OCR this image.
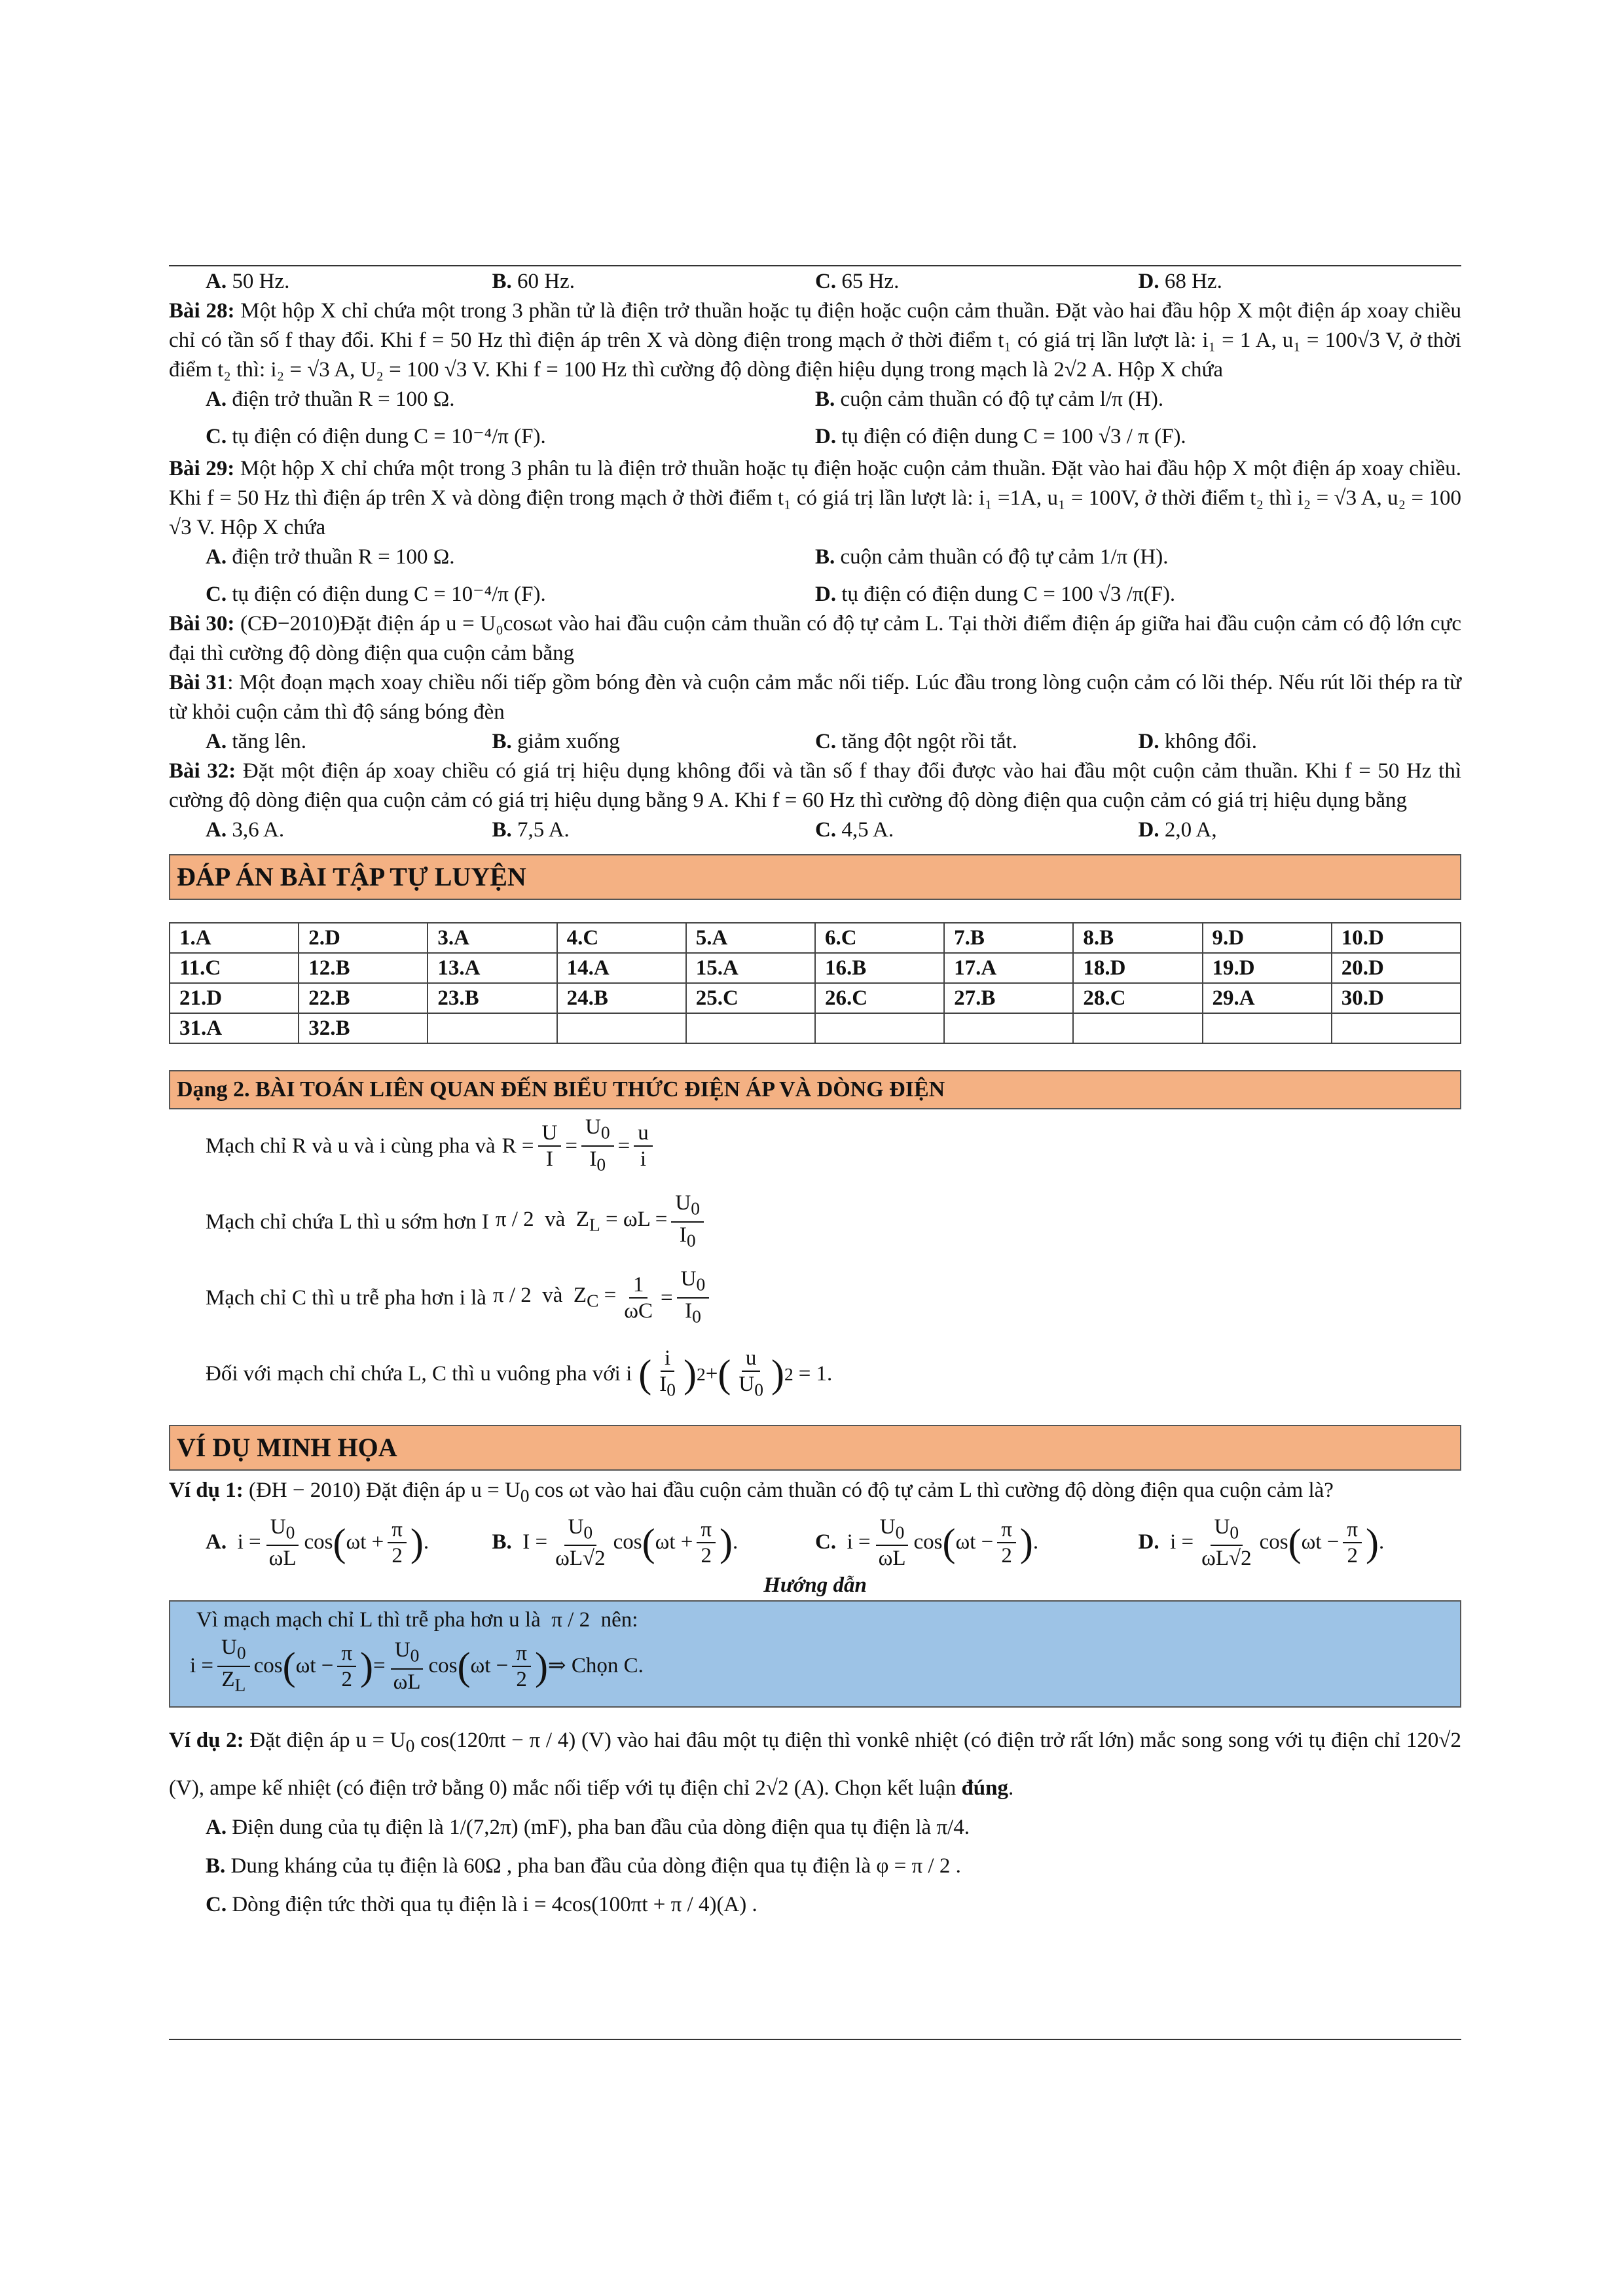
A. 50 Hz.	B. 60 Hz.	C. 65 Hz.	D. 68 Hz.
Bài 28: Một hộp X chỉ chứa một trong 3 phần tử là điện trở thuần hoặc tụ điện hoặc cuộn cảm thuần. Đặt vào hai đầu hộp X một điện áp xoay chiều chỉ có tần số f thay đổi. Khi f = 50 Hz thì điện áp trên X và dòng điện trong mạch ở thời điểm t₁ có giá trị lần lượt là: i₁ = 1 A, u₁ = 100√3 V, ở thời điểm t₂ thì: i₂ = √3 A, U₂ = 100 √3 V. Khi f = 100 Hz thì cường độ dòng điện hiệu dụng trong mạch là 2√2 A. Hộp X chứa
A. điện trở thuần R = 100 Ω.	B. cuộn cảm thuần có độ tự cảm l/π (H).
C. tụ điện có điện dung C = 10⁻⁴/π (F).	D. tụ điện có điện dung C = 100 √3 / π (F).
Bài 29: Một hộp X chỉ chứa một trong 3 phân tu là điện trở thuần hoặc tụ điện hoặc cuộn cảm thuần. Đặt vào hai đầu hộp X một điện áp xoay chiều. Khi f = 50 Hz thì điện áp trên X và dòng điện trong mạch ở thời điểm t₁ có giá trị lần lượt là: i₁ =1A, u₁ = 100V, ở thời điểm t₂ thì i₂ = √3 A, u₂ = 100 √3 V. Hộp X chứa
A. điện trở thuần R = 100 Ω.	B. cuộn cảm thuần có độ tự cảm 1/π (H).
C. tụ điện có điện dung C = 10⁻⁴/π (F).	D. tụ điện có điện dung C = 100 √3 /π(F).
Bài 30: (CĐ−2010)Đặt điện áp u = U₀cosωt vào hai đầu cuộn cảm thuần có độ tự cảm L. Tại thời điểm điện áp giữa hai đầu cuộn cảm có độ lớn cực đại thì cường độ dòng điện qua cuộn cảm bằng
Bài 31: Một đoạn mạch xoay chiều nối tiếp gồm bóng đèn và cuộn cảm mắc nối tiếp. Lúc đầu trong lòng cuộn cảm có lõi thép. Nếu rút lõi thép ra từ từ khỏi cuộn cảm thì độ sáng bóng đèn
A. tăng lên.	B. giảm xuống	C. tăng đột ngột rồi tắt.	D. không đổi.
Bài 32: Đặt một điện áp xoay chiều có giá trị hiệu dụng không đổi và tần số f thay đổi được vào hai đầu một cuộn cảm thuần. Khi f = 50 Hz thì cường độ dòng điện qua cuộn cảm có giá trị hiệu dụng bằng 9 A. Khi f = 60 Hz thì cường độ dòng điện qua cuộn cảm có giá trị hiệu dụng bằng
A. 3,6 A.	B. 7,5 A.	C. 4,5 A.	D. 2,0 A,
ĐÁP ÁN BÀI TẬP TỰ LUYỆN
1.A	2.D	3.A	4.C	5.A	6.C	7.B	8.B	9.D	10.D
11.C	12.B	13.A	14.A	15.A	16.B	17.A	18.D	19.D	20.D
21.D	22.B	23.B	24.B	25.C	26.C	27.B	28.C	29.A	30.D
31.A	32.B								
Dạng 2. BÀI TOÁN LIÊN QUAN ĐẾN BIỂU THỨC ĐIỆN ÁP VÀ DÒNG ĐIỆN
Mạch chỉ R và u và i cùng pha và $R = \frac{U}{I} = \frac{U_0}{I_0} = \frac{u}{i}$
Mạch chỉ chứa L thì u sớm hơn I π / 2  và  $Z_L = \omega L = \frac{U_0}{I_0}$
Mạch chỉ C thì u trễ pha hơn i là π / 2  và  $Z_C = \frac{1}{\omega C} = \frac{U_0}{I_0}$
Đối với mạch chỉ chứa L, C thì u vuông pha với i ( $\frac{i}{I_0}$ ) 2 + ( $\frac{u}{U_0}$ ) 2 = 1.
VÍ DỤ MINH HỌA
Ví dụ 1: (ĐH − 2010) Đặt điện áp $u = U_0$ cos ωt vào hai đầu cuộn cảm thuần có độ tự cảm L thì cường độ dòng điện qua cuộn cảm là?
A. $i = \frac{U_0}{\omega L}$ cos ( $\omega t + \frac{\pi}{2}$ ) .	B. $I = \frac{U_0}{\omega L√2}$ cos ( $\omega t + \frac{\pi}{2}$ ) .	C. $i = \frac{U_0}{\omega L}$ cos ( $\omega t - \frac{\pi}{2}$ ) .	D. $i = \frac{U_0}{\omega L√2}$ cos ( $\omega t - \frac{\pi}{2}$ ) .
Hướng dẫn
Vì mạch mạch chỉ L thì trễ pha hơn u là  π / 2  nên:
$i = \frac{U_0}{Z_L}$ cos ( $\omega t - \frac{\pi}{2}$ ) = $\frac{U_0}{\omega L}$ cos ( $\omega t - \frac{\pi}{2}$ ) ⇒ Chọn C.
Ví dụ 2: Đặt điện áp $u = U_0$ cos(120πt − π / 4) (V) vào hai đâu một tụ điện thì vonkê nhiệt (có điện trở rất lớn) mắc song song với tụ điện chỉ 120√2 (V), ampe kế nhiệt (có điện trở bằng 0) mắc nối tiếp với tụ điện chỉ 2√2 (A). Chọn kết luận đúng.
A. Điện dung của tụ điện là 1/(7,2π) (mF), pha ban đầu của dòng điện qua tụ điện là π/4.
B. Dung kháng của tụ điện là 60Ω , pha ban đầu của dòng điện qua tụ điện là φ = π / 2 .
C. Dòng điện tức thời qua tụ điện là i = 4cos(100πt + π / 4)(A) .
